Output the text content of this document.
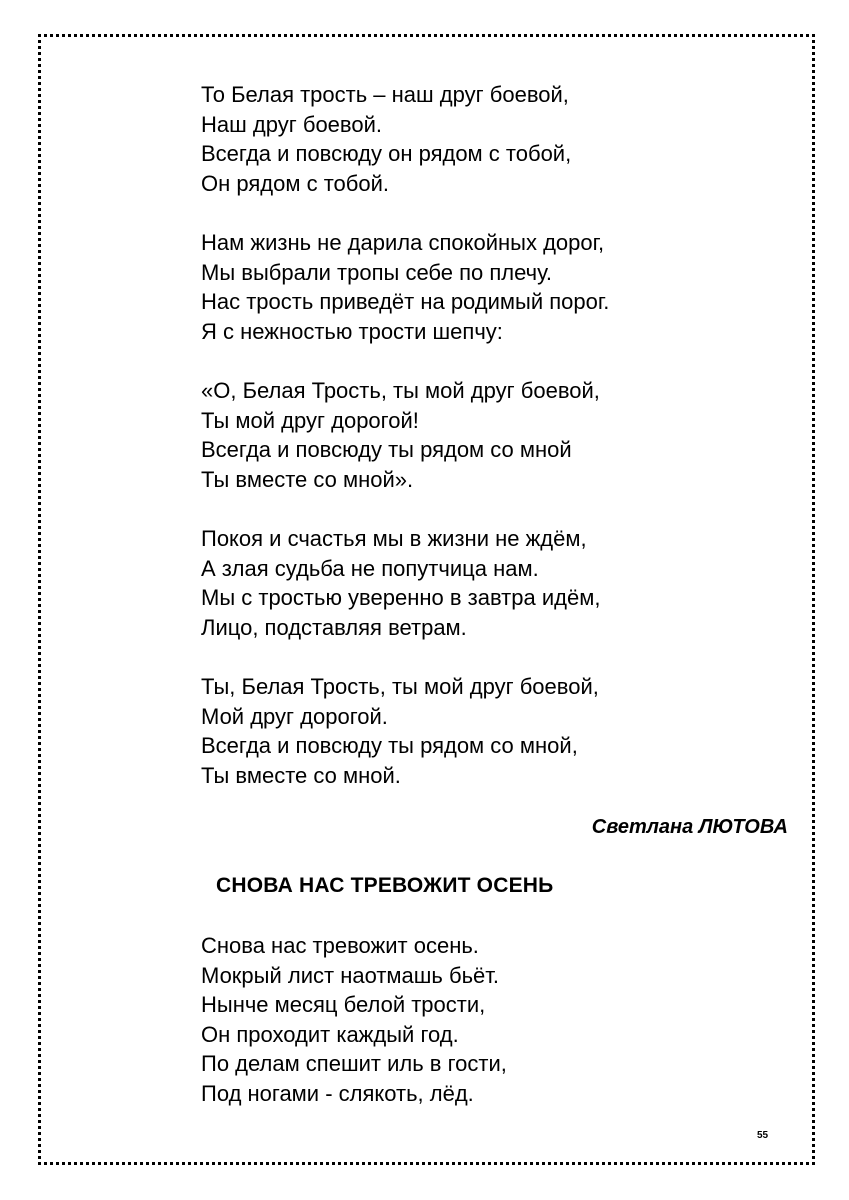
То Белая трость – наш друг боевой,
Наш друг боевой.
Всегда и повсюду он рядом с тобой,
Он рядом с тобой.
Нам жизнь не дарила спокойных дорог,
Мы выбрали тропы себе по плечу.
Нас трость приведёт на родимый порог.
Я с нежностью трости шепчу:
«О, Белая Трость, ты мой друг боевой,
Ты мой друг дорогой!
Всегда и повсюду ты рядом со мной
Ты вместе со мной».
Покоя и счастья мы в жизни не ждём,
А злая судьба не попутчица нам.
Мы с тростью уверенно в завтра идём,
Лицо, подставляя ветрам.
Ты, Белая Трость, ты мой друг боевой,
Мой друг дорогой.
Всегда и повсюду ты рядом со мной,
Ты вместе со мной.
Светлана ЛЮТОВА
СНОВА НАС ТРЕВОЖИТ ОСЕНЬ
Снова нас тревожит осень.
Мокрый лист наотмашь бьёт.
Нынче месяц белой трости,
Он проходит каждый год.
По делам спешит иль в гости,
Под ногами - слякоть, лёд.
55
